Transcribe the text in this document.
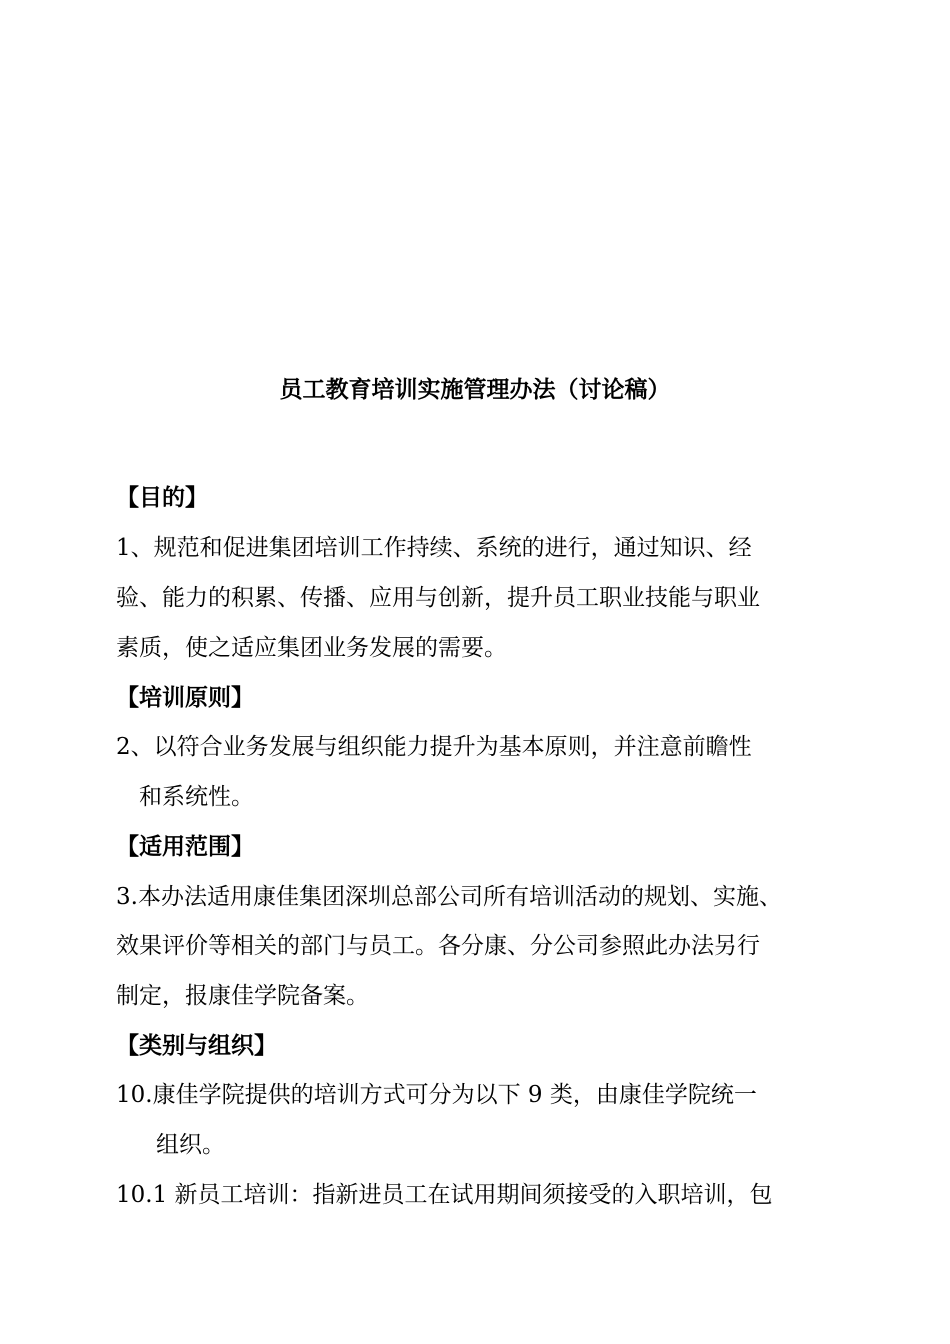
员工教育培训实施管理办法（讨论稿）
【目的】
1、规范和促进集团培训工作持续、系统的进行，通过知识、经
验、能力的积累、传播、应用与创新，提升员工职业技能与职业
素质，使之适应集团业务发展的需要。
【培训原则】
2、以符合业务发展与组织能力提升为基本原则，并注意前瞻性
和系统性。
【适用范围】
3.本办法适用康佳集团深圳总部公司所有培训活动的规划、实施、
效果评价等相关的部门与员工。各分康、分公司参照此办法另行
制定，报康佳学院备案。
【类别与组织】
10.康佳学院提供的培训方式可分为以下 9 类，由康佳学院统一
组织。
10.1 新员工培训：指新进员工在试用期间须接受的入职培训，包
